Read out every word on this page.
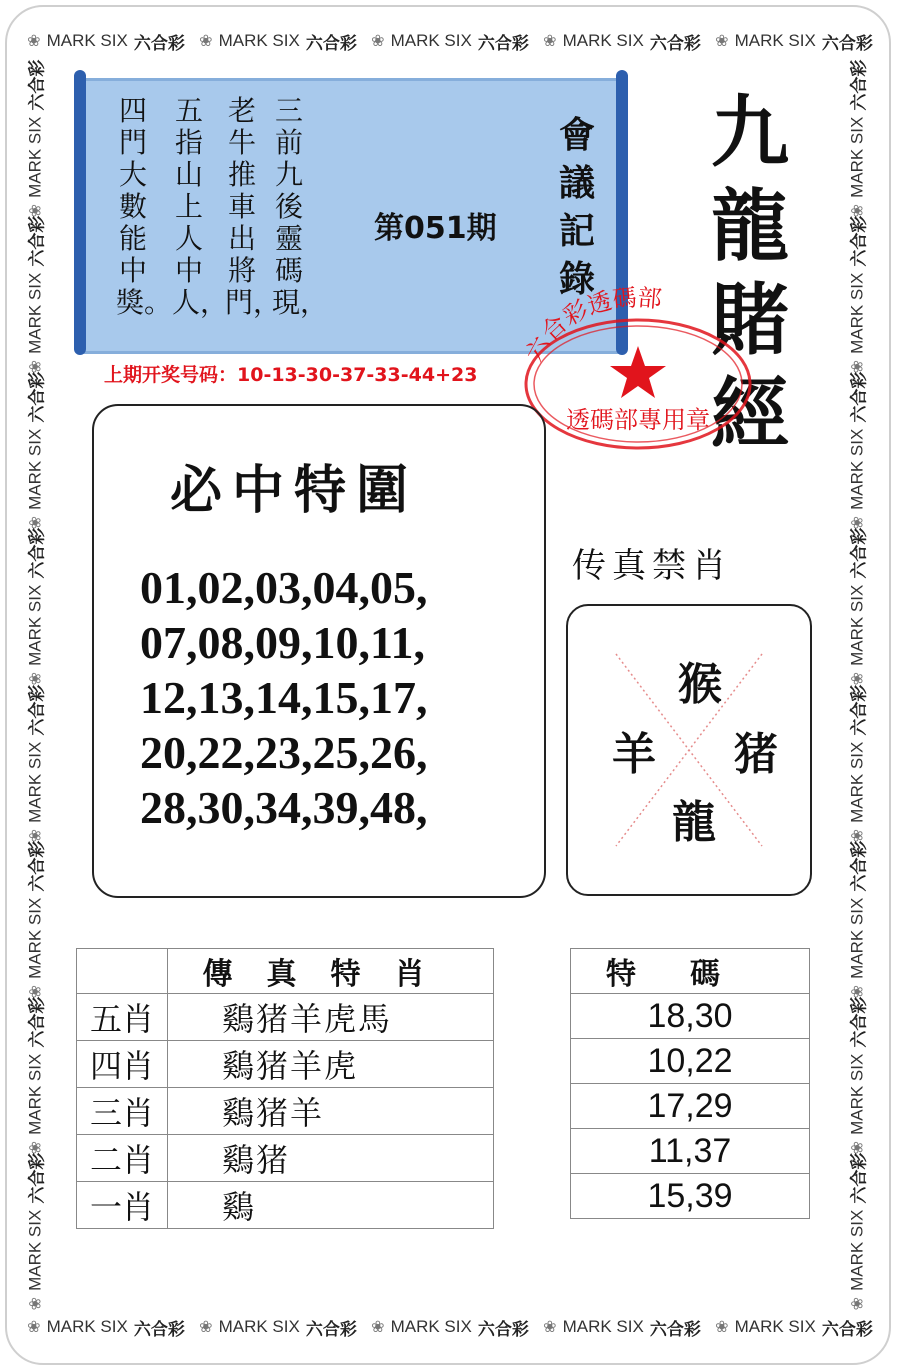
❀ MARK SIX 六合彩 ❀ MARK SIX 六合彩 ❀ MARK SIX 六合彩 ❀ MARK SIX 六合彩 ❀ MARK SIX 六合彩
❀ MARK SIX 六合彩 ❀ MARK SIX 六合彩 ❀ MARK SIX 六合彩 ❀ MARK SIX 六合彩 ❀ MARK SIX 六合彩
❀
MARK SIX
六合彩
❀
MARK SIX
六合彩
❀
MARK SIX
六合彩
❀
MARK SIX
六合彩
❀
MARK SIX
六合彩
❀
MARK SIX
六合彩
❀
MARK SIX
六合彩
❀
MARK SIX
六合彩
❀
MARK SIX
六合彩
❀
MARK SIX
六合彩
❀
MARK SIX
六合彩
❀
MARK SIX
六合彩
❀
MARK SIX
六合彩
❀
MARK SIX
六合彩
❀
MARK SIX
六合彩
❀
MARK SIX
六合彩
三前九後靈碼現，
老牛推車出將門，
五指山上人中人，
四門大數能中獎。
第051期
會議記錄
上期开奖号码：10-13-30-37-33-44+23
九龍賭經
六合彩透碼部
透碼部專用章
必中特圍
01,02,03,04,05,
07,08,09,10,11,
12,13,14,15,17,
20,22,23,25,26,
28,30,34,39,48,
传真禁肖
猴
羊 猪
龍
	傳真特肖
五肖	鷄猪羊虎馬
四肖	鷄猪羊虎
三肖	鷄猪羊
二肖	鷄猪
一肖	鷄
特碼
18,30
10,22
17,29
11,37
15,39
